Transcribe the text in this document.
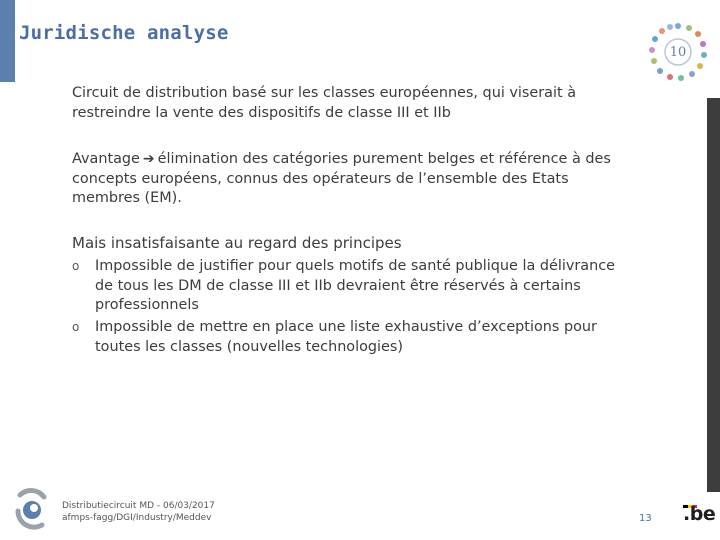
Juridische analyse
10
Circuit de distribution basé sur les classes européennes, qui viserait à restreindre la vente des dispositifs de classe III et IIb
Avantage ➔ élimination des catégories purement belges et référence à des concepts européens, connus des opérateurs de l’ensemble des Etats membres (EM).
Mais insatisfaisante au regard des principes
o Impossible de justifier pour quels motifs de santé publique la délivrance de tous les DM de classe III et IIb devraient être réservés à certains professionnels
o Impossible de mettre en place une liste exhaustive d’exceptions pour toutes les classes (nouvelles technologies)
Distributiecircuit MD - 06/03/2017
afmps-fagg/DGI/Industry/Meddev	13 .be
